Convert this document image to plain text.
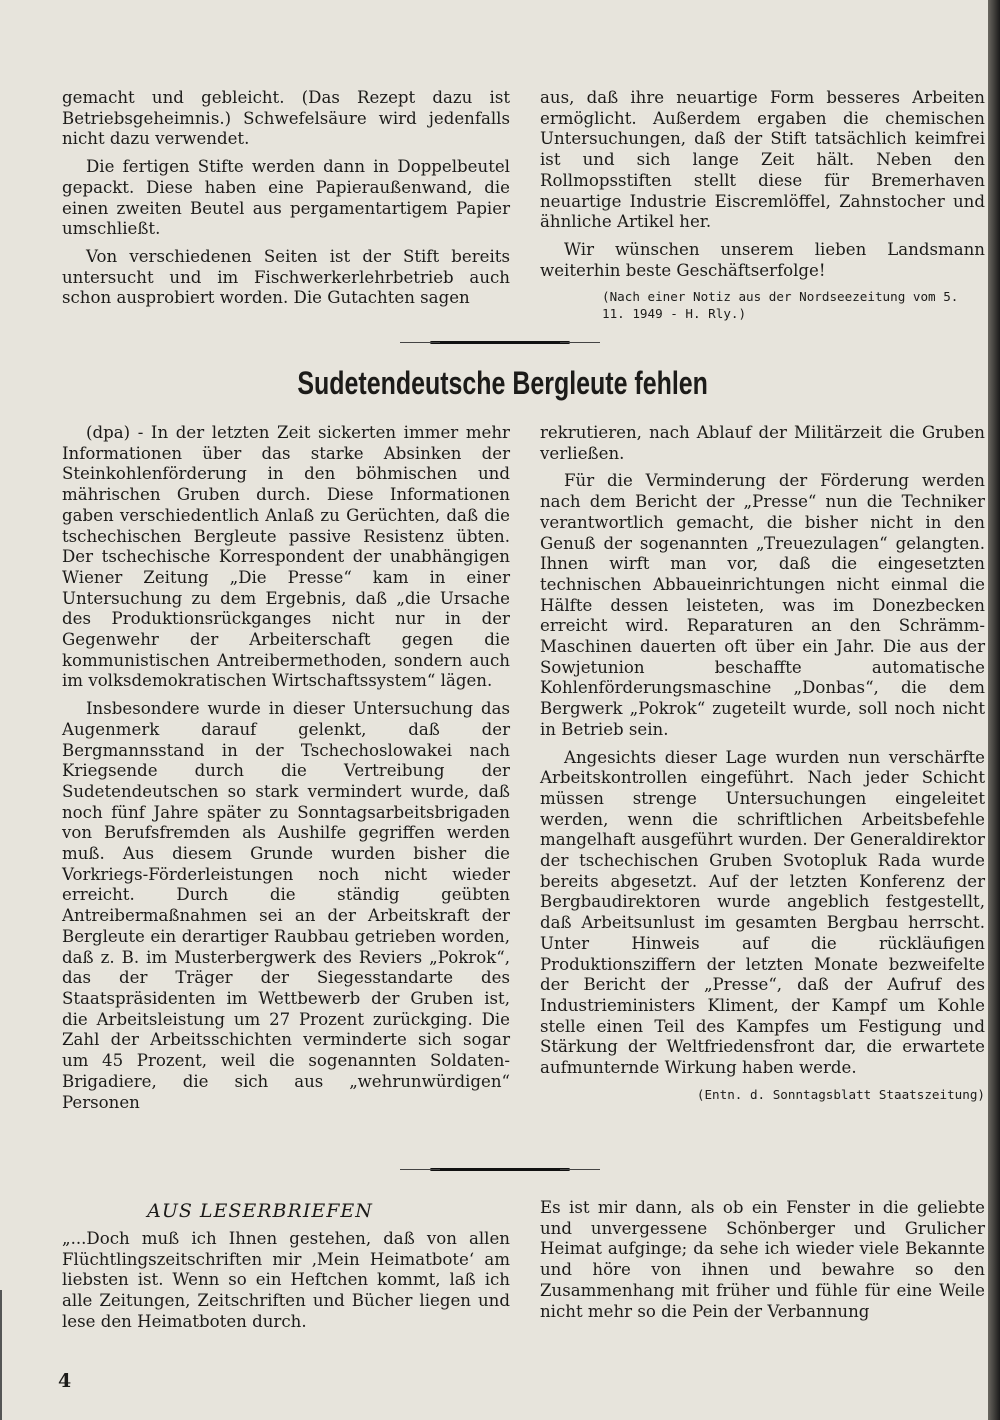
gemacht und gebleicht. (Das Rezept dazu ist Betriebsgeheimnis.) Schwefelsäure wird jedenfalls nicht dazu verwendet.

Die fertigen Stifte werden dann in Doppelbeutel gepackt. Diese haben eine Papieraußenwand, die einen zweiten Beutel aus pergamentartigem Papier umschließt.

Von verschiedenen Seiten ist der Stift bereits untersucht und im Fischwerkerlehrbetrieb auch schon ausprobiert worden. Die Gutachten sagen

aus, daß ihre neuartige Form besseres Arbeiten ermöglicht. Außerdem ergaben die chemischen Untersuchungen, daß der Stift tatsächlich keimfrei ist und sich lange Zeit hält. Neben den Rollmopsstiften stellt diese für Bremerhaven neuartige Industrie Eiscremlöffel, Zahnstocher und ähnliche Artikel her.

Wir wünschen unserem lieben Landsmann weiterhin beste Geschäftserfolge!

(Nach einer Notiz aus der Nordseezeitung vom 5. 11. 1949 - H. Rly.)

Sudetendeutsche Bergleute fehlen

(dpa) - In der letzten Zeit sickerten immer mehr Informationen über das starke Absinken der Steinkohlenförderung in den böhmischen und mährischen Gruben durch. Diese Informationen gaben verschiedentlich Anlaß zu Gerüchten, daß die tschechischen Bergleute passive Resistenz übten. Der tschechische Korrespondent der unabhängigen Wiener Zeitung „Die Presse“ kam in einer Untersuchung zu dem Ergebnis, daß „die Ursache des Produktionsrückganges nicht nur in der Gegenwehr der Arbeiterschaft gegen die kommunistischen Antreibermethoden, sondern auch im volksdemokratischen Wirtschaftssystem“ lägen.

Insbesondere wurde in dieser Untersuchung das Augenmerk darauf gelenkt, daß der Bergmannsstand in der Tschechoslowakei nach Kriegsende durch die Vertreibung der Sudetendeutschen so stark vermindert wurde, daß noch fünf Jahre später zu Sonntagsarbeitsbrigaden von Berufsfremden als Aushilfe gegriffen werden muß. Aus diesem Grunde wurden bisher die Vorkriegs-Förderleistungen noch nicht wieder erreicht. Durch die ständig geübten Antreibermaßnahmen sei an der Arbeitskraft der Bergleute ein derartiger Raubbau getrieben worden, daß z. B. im Musterbergwerk des Reviers „Pokrok“, das der Träger der Siegesstandarte des Staatspräsidenten im Wettbewerb der Gruben ist, die Arbeitsleistung um 27 Prozent zurückging. Die Zahl der Arbeitsschichten verminderte sich sogar um 45 Prozent, weil die sogenannten Soldaten-Brigadiere, die sich aus „wehrunwürdigen“ Personen

rekrutieren, nach Ablauf der Militärzeit die Gruben verließen.

Für die Verminderung der Förderung werden nach dem Bericht der „Presse“ nun die Techniker verantwortlich gemacht, die bisher nicht in den Genuß der sogenannten „Treuezulagen“ gelangten. Ihnen wirft man vor, daß die eingesetzten technischen Abbaueinrichtungen nicht einmal die Hälfte dessen leisteten, was im Donezbecken erreicht wird. Reparaturen an den Schrämm-Maschinen dauerten oft über ein Jahr. Die aus der Sowjetunion beschaffte automatische Kohlenförderungsmaschine „Donbas“, die dem Bergwerk „Pokrok“ zugeteilt wurde, soll noch nicht in Betrieb sein.

Angesichts dieser Lage wurden nun verschärfte Arbeitskontrollen eingeführt. Nach jeder Schicht müssen strenge Untersuchungen eingeleitet werden, wenn die schriftlichen Arbeitsbefehle mangelhaft ausgeführt wurden. Der Generaldirektor der tschechischen Gruben Svotopluk Rada wurde bereits abgesetzt. Auf der letzten Konferenz der Bergbaudirektoren wurde angeblich festgestellt, daß Arbeitsunlust im gesamten Bergbau herrscht. Unter Hinweis auf die rückläufigen Produktionsziffern der letzten Monate bezweifelte der Bericht der „Presse“, daß der Aufruf des Industrieministers Kliment, der Kampf um Kohle stelle einen Teil des Kampfes um Festigung und Stärkung der Weltfriedensfront dar, die erwartete aufmunternde Wirkung haben werde.

(Entn. d. Sonntagsblatt Staatszeitung)

AUS LESERBRIEFEN

„...Doch muß ich Ihnen gestehen, daß von allen Flüchtlingszeitschriften mir ‚Mein Heimatbote‘ am liebsten ist. Wenn so ein Heftchen kommt, laß ich alle Zeitungen, Zeitschriften und Bücher liegen und lese den Heimatboten durch.

Es ist mir dann, als ob ein Fenster in die geliebte und unvergessene Schönberger und Grulicher Heimat aufginge; da sehe ich wieder viele Bekannte und höre von ihnen und bewahre so den Zusammenhang mit früher und fühle für eine Weile nicht mehr so die Pein der Verbannung

4
